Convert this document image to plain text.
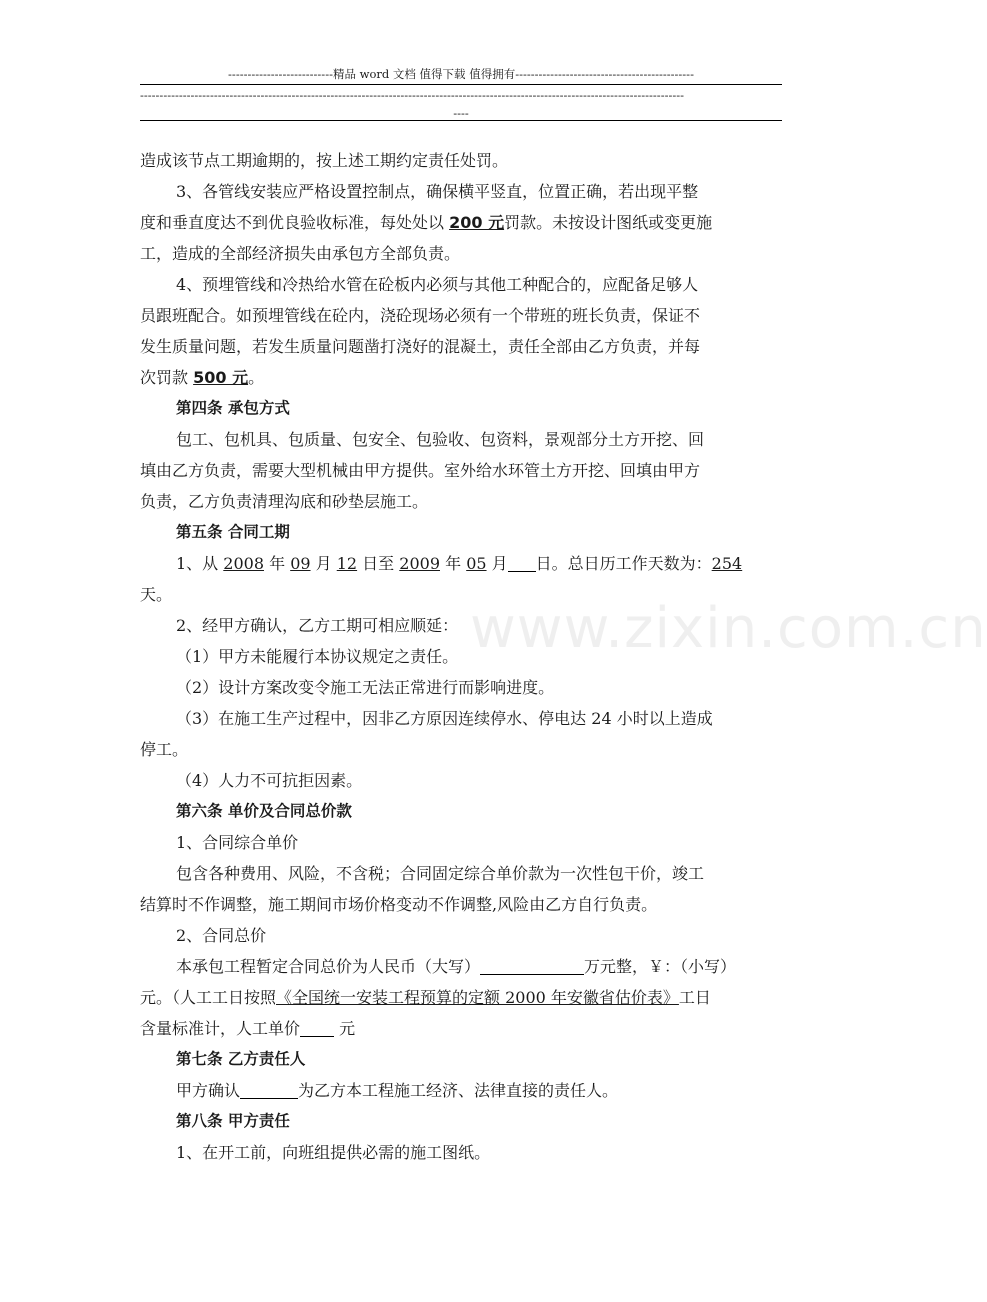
---------------------------精品 word 文档 值得下载 值得拥有----------------------------------------------
--------------------------------------------------------------------------------------------------------------------------------------------
----
www.zixin.com.cn
造成该节点工期逾期的，按上述工期约定责任处罚。
3、各管线安装应严格设置控制点，确保横平竖直，位置正确，若出现平整
度和垂直度达不到优良验收标准，每处处以 200 元罚款。未按设计图纸或变更施
工，造成的全部经济损失由承包方全部负责。
4、预埋管线和冷热给水管在砼板内必须与其他工种配合的，应配备足够人
员跟班配合。如预埋管线在砼内，浇砼现场必须有一个带班的班长负责，保证不
发生质量问题，若发生质量问题凿打浇好的混凝土，责任全部由乙方负责，并每
次罚款 500 元。
第四条 承包方式
包工、包机具、包质量、包安全、包验收、包资料，景观部分土方开挖、回
填由乙方负责，需要大型机械由甲方提供。室外给水环管土方开挖、回填由甲方
负责，乙方负责清理沟底和砂垫层施工。
第五条 合同工期
1、从 2008 年 09 月 12 日至 2009 年 05 月 日。总日历工作天数为：254
天。
2、经甲方确认，乙方工期可相应顺延：
（1）甲方未能履行本协议规定之责任。
（2）设计方案改变令施工无法正常进行而影响进度。
（3）在施工生产过程中，因非乙方原因连续停水、停电达 24 小时以上造成
停工。
（4）人力不可抗拒因素。
第六条 单价及合同总价款
1、合同综合单价
包含各种费用、风险，不含税；合同固定综合单价款为一次性包干价，竣工
结算时不作调整，施工期间市场价格变动不作调整,风险由乙方自行负责。
2、合同总价
本承包工程暂定合同总价为人民币（大写）	万元整，￥：（小写）
元。（人工工日按照《全国统一安装工程预算的定额 2000 年安徽省估价表》工日
含量标准计，人工单价 元
第七条 乙方责任人
甲方确认	为乙方本工程施工经济、法律直接的责任人。
第八条 甲方责任
1、在开工前，向班组提供必需的施工图纸。
